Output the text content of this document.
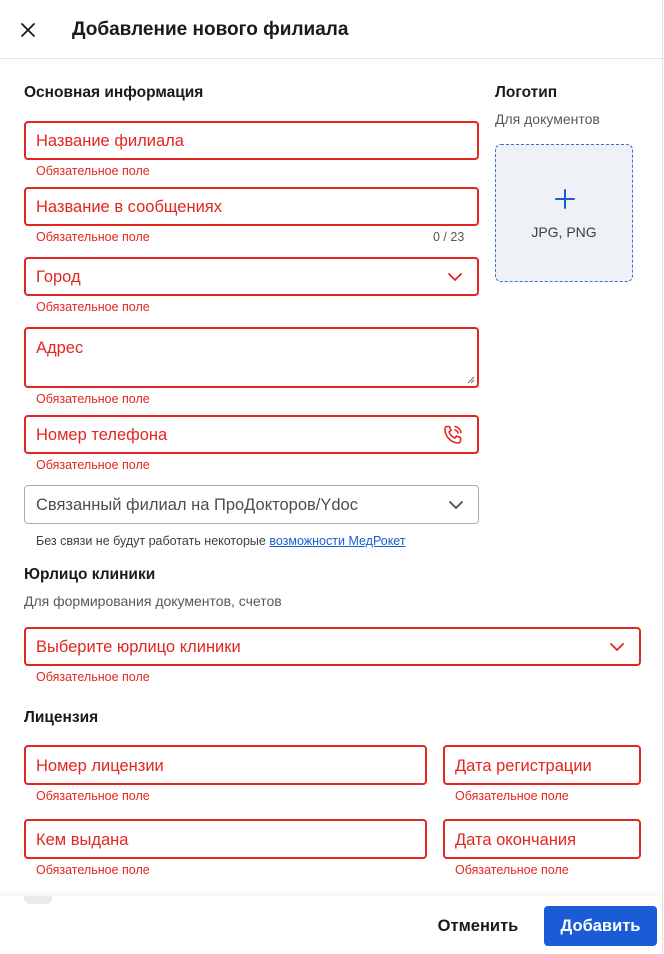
Добавление нового филиала
Основная информация
Название филиала
Обязательное поле
Название в сообщениях
Обязательное поле	0 / 23
Город
Обязательное поле
Адрес
Обязательное поле
Номер телефона
Обязательное поле
Связанный филиал на ПроДокторов/Ydoc
Без связи не будут работать некоторые возможности МедРокет
Логотип
Для документов
JPG, PNG
Юрлицо клиники
Для формирования документов, счетов
Выберите юрлицо клиники
Обязательное поле
Лицензия
Номер лицензии
Обязательное поле
Дата регистрации
Обязательное поле
Кем выдана
Обязательное поле
Дата окончания
Обязательное поле
Отменить	Добавить
